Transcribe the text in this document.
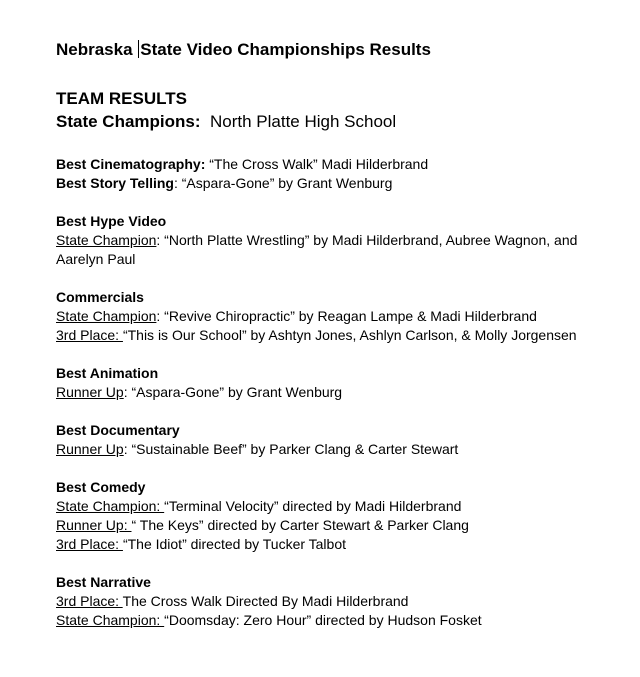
Nebraska State Video Championships Results
TEAM RESULTS
State Champions: North Platte High School
Best Cinematography: “The Cross Walk” Madi Hilderbrand
Best Story Telling: “Aspara-Gone” by Grant Wenburg
Best Hype Video
State Champion: “North Platte Wrestling” by Madi Hilderbrand, Aubree Wagnon, and Aarelyn Paul
Commercials
State Champion: “Revive Chiropractic” by Reagan Lampe & Madi Hilderbrand
3rd Place: “This is Our School” by Ashtyn Jones, Ashlyn Carlson, & Molly Jorgensen
Best Animation
Runner Up: “Aspara-Gone” by Grant Wenburg
Best Documentary
Runner Up: “Sustainable Beef” by Parker Clang & Carter Stewart
Best Comedy
State Champion: “Terminal Velocity” directed by Madi Hilderbrand
Runner Up: “ The Keys” directed by Carter Stewart & Parker Clang
3rd Place: “The Idiot” directed by Tucker Talbot
Best Narrative
3rd Place: The Cross Walk Directed By Madi Hilderbrand
State Champion: “Doomsday: Zero Hour” directed by Hudson Fosket
